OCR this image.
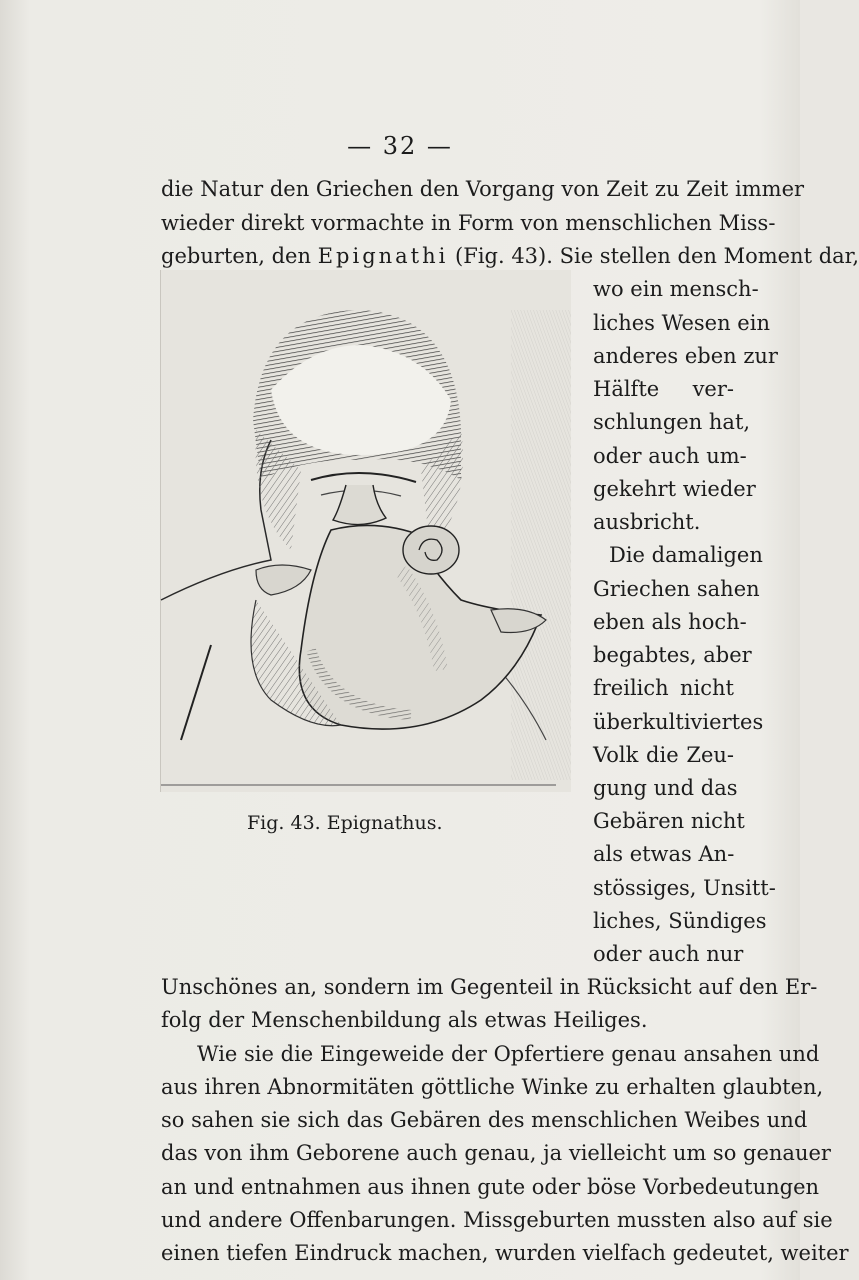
— 32 —
die Natur den Griechen den Vorgang von Zeit zu Zeit immer
wieder direkt vormachte in Form von menschlichen Miss-
geburten, den Epignathi (Fig. 43). Sie stellen den Moment dar,
wo ein mensch-
liches Wesen ein
anderes eben zur
Hälfte ver-
schlungen hat,
oder auch um-
gekehrt wieder
ausbricht.
Die damaligen
Griechen sahen
eben als hoch-
begabtes, aber
freilich nicht
überkultiviertes
Volk die Zeu-
gung und das
Gebären nicht
als etwas An-
stössiges, Unsitt-
liches, Sündiges
oder auch nur
Fig. 43. Epignathus.
Unschönes an, sondern im Gegenteil in Rücksicht auf den Er-
folg der Menschenbildung als etwas Heiliges.
Wie sie die Eingeweide der Opfertiere genau ansahen und
aus ihren Abnormitäten göttliche Winke zu erhalten glaubten,
so sahen sie sich das Gebären des menschlichen Weibes und
das von ihm Geborene auch genau, ja vielleicht um so genauer
an und entnahmen aus ihnen gute oder böse Vorbedeutungen
und andere Offenbarungen. Missgeburten mussten also auf sie
einen tiefen Eindruck machen, wurden vielfach gedeutet, weiter
